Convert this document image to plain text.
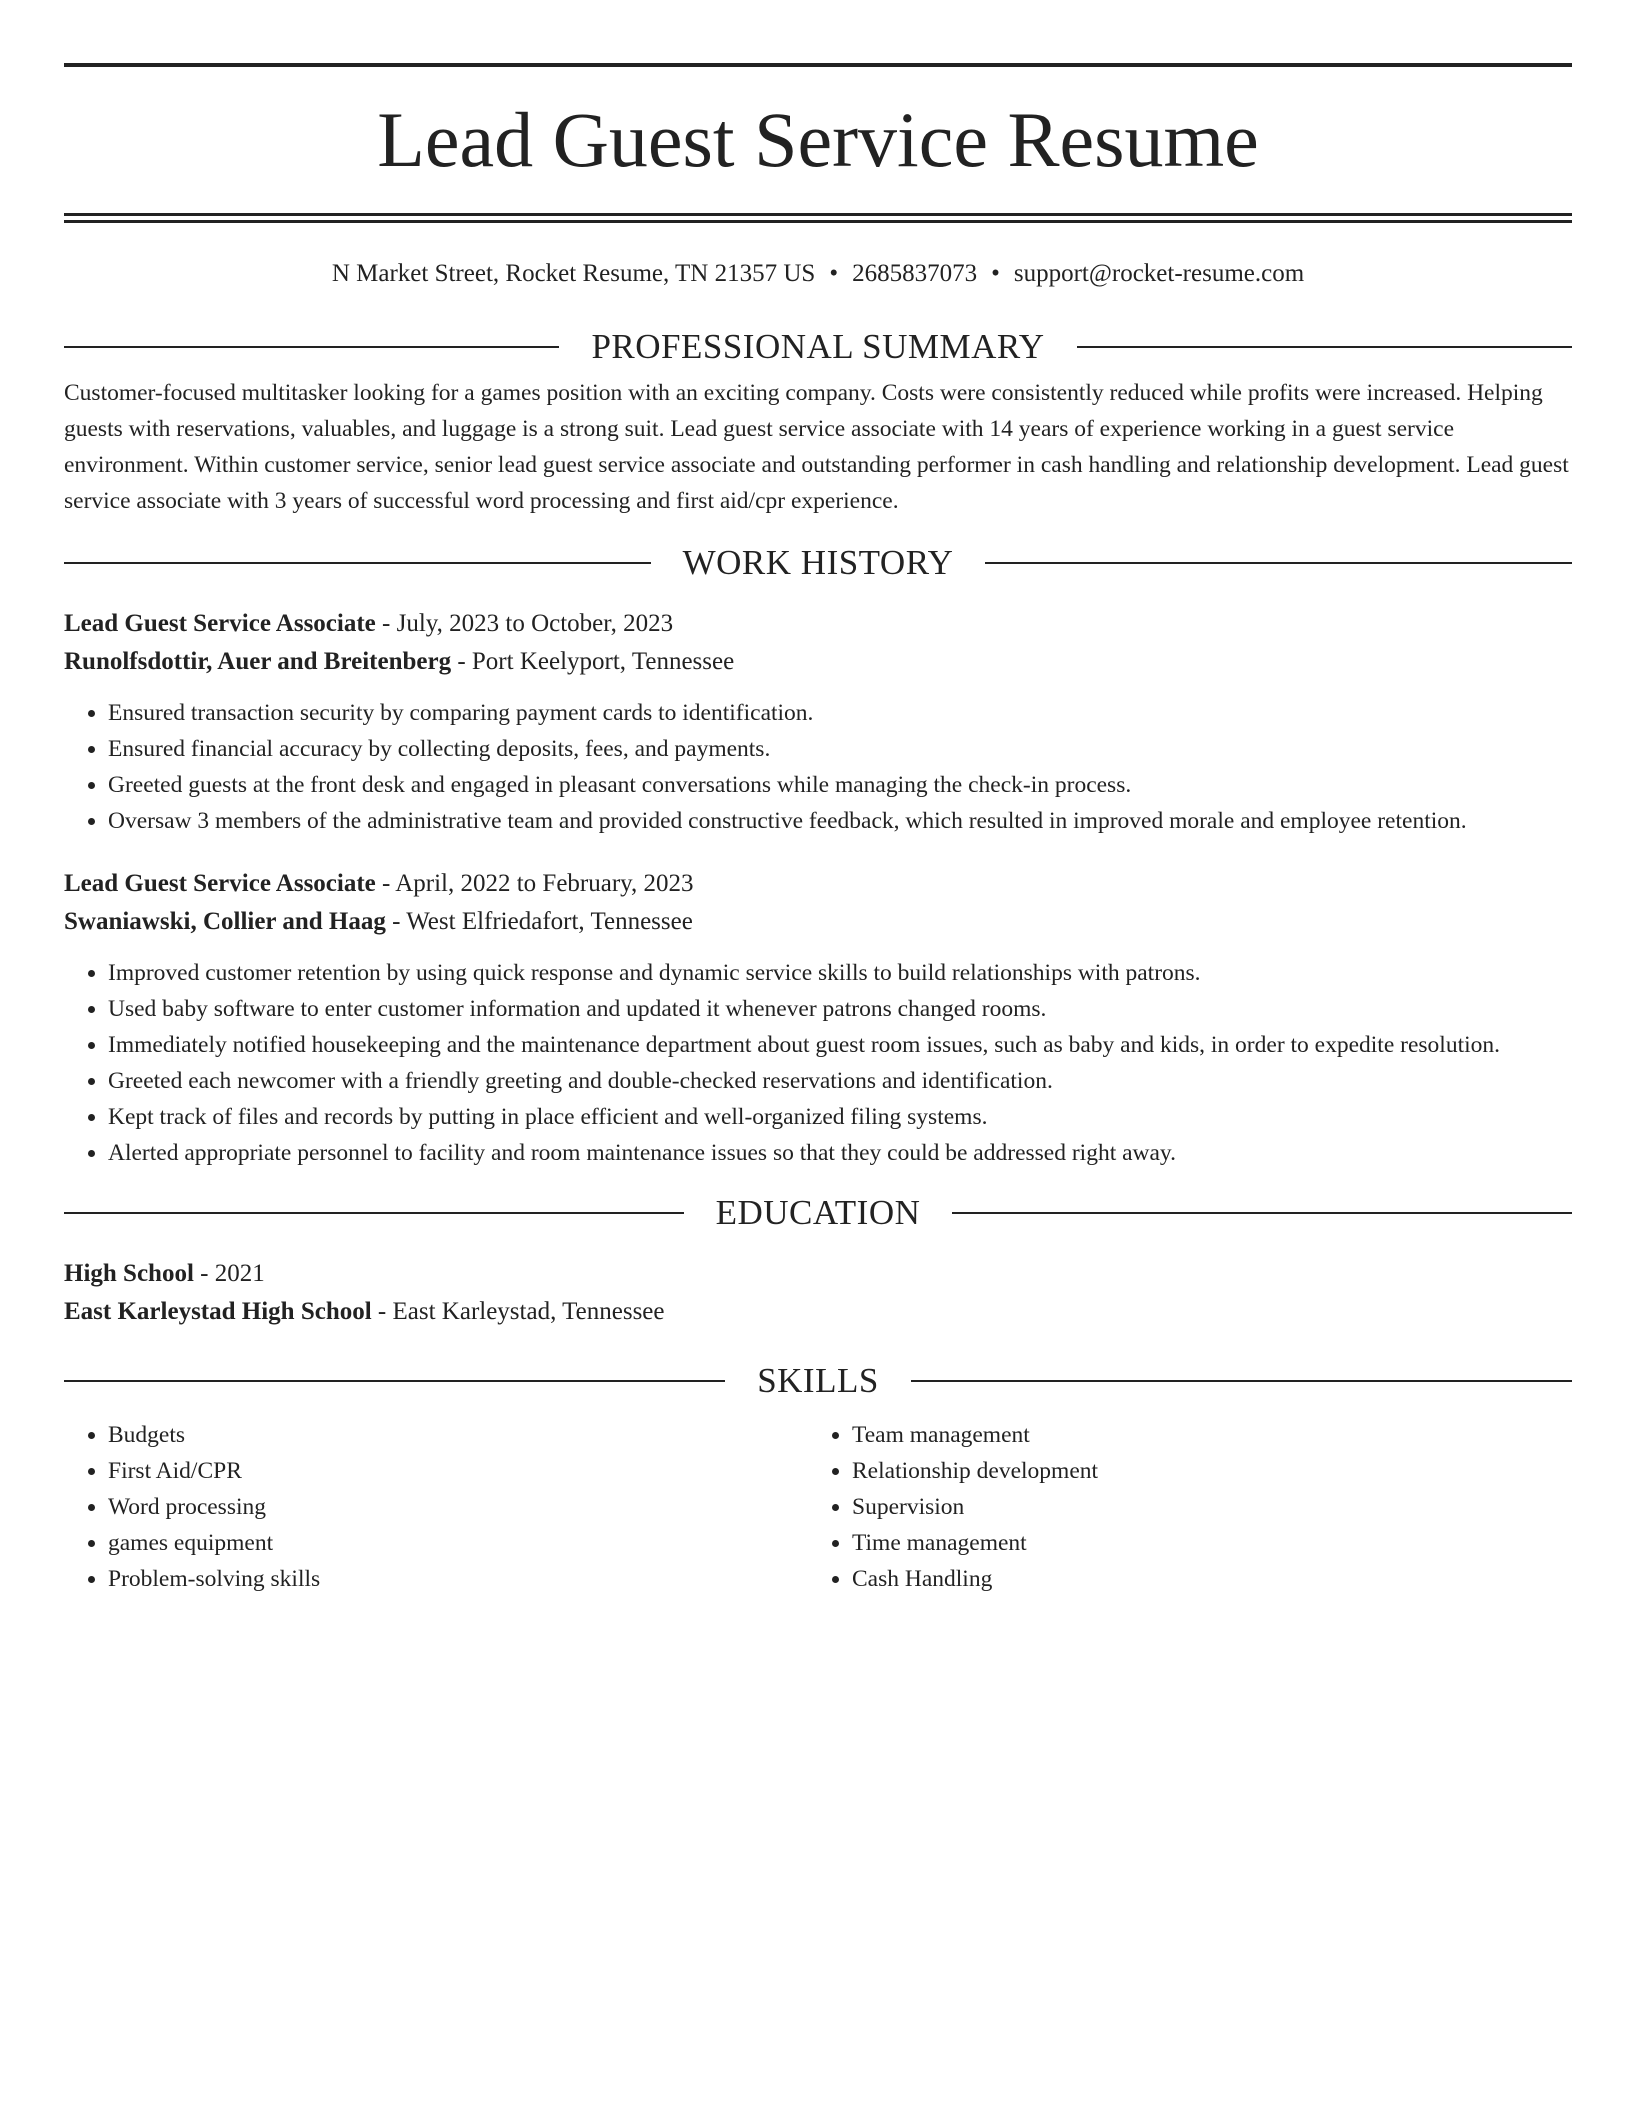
Lead Guest Service Resume
N Market Street, Rocket Resume, TN 21357 US • 2685837073 • support@rocket-resume.com
PROFESSIONAL SUMMARY

Customer-focused multitasker looking for a games position with an exciting company. Costs were consistently reduced while profits were increased. Helping guests with reservations, valuables, and luggage is a strong suit. Lead guest service associate with 14 years of experience working in a guest service environment. Within customer service, senior lead guest service associate and outstanding performer in cash handling and relationship development. Lead guest service associate with 3 years of successful word processing and first aid/cpr experience.

WORK HISTORY
Lead Guest Service Associate - July, 2023 to October, 2023
Runolfsdottir, Auer and Breitenberg - Port Keelyport, Tennessee
• Ensured transaction security by comparing payment cards to identification.
• Ensured financial accuracy by collecting deposits, fees, and payments.
• Greeted guests at the front desk and engaged in pleasant conversations while managing the check-in process.
• Oversaw 3 members of the administrative team and provided constructive feedback, which resulted in improved morale and employee retention.
Lead Guest Service Associate - April, 2022 to February, 2023
Swaniawski, Collier and Haag - West Elfriedafort, Tennessee
• Improved customer retention by using quick response and dynamic service skills to build relationships with patrons.
• Used baby software to enter customer information and updated it whenever patrons changed rooms.
• Immediately notified housekeeping and the maintenance department about guest room issues, such as baby and kids, in order to expedite resolution.
• Greeted each newcomer with a friendly greeting and double-checked reservations and identification.
• Kept track of files and records by putting in place efficient and well-organized filing systems.
• Alerted appropriate personnel to facility and room maintenance issues so that they could be addressed right away.
EDUCATION
High School - 2021
East Karleystad High School - East Karleystad, Tennessee
SKILLS
• Budgets
• First Aid/CPR
• Word processing
• games equipment
• Problem-solving skills
• Team management
• Relationship development
• Supervision
• Time management
• Cash Handling
